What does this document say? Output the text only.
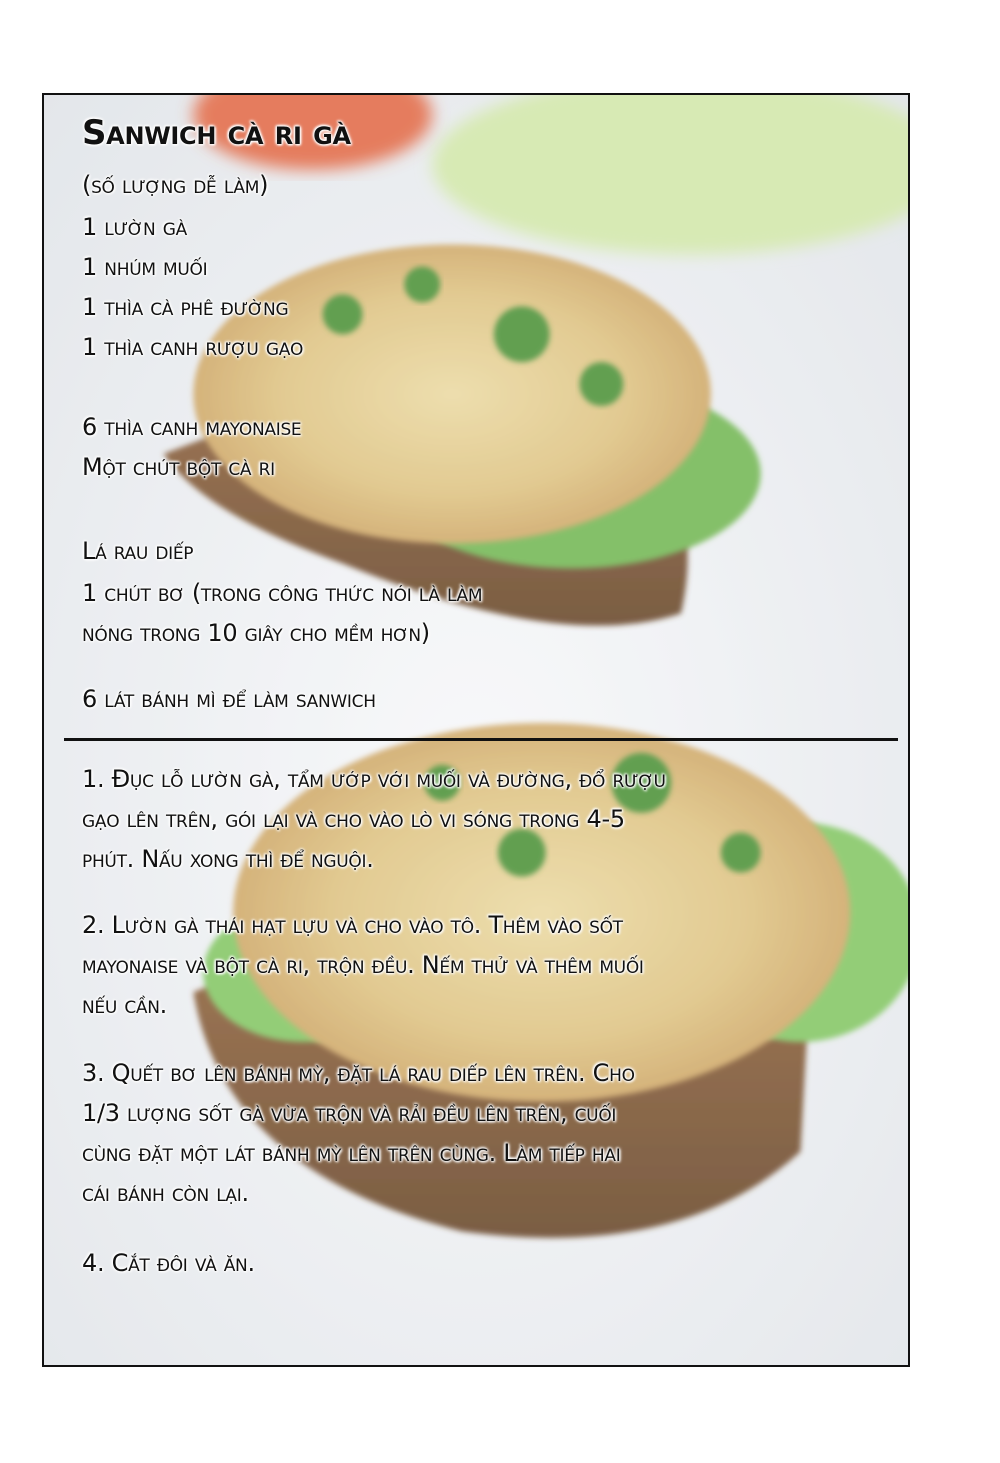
Sanwich cà ri gà
(số lượng dễ làm)
1 lườn gà
1 nhúm muối
1 thìa cà phê đường
1 thìa canh rượu gạo
6 thìa canh mayonaise
Một chút bột cà ri
Lá rau diếp
1 chút bơ (trong công thức nói là làm
nóng trong 10 giây cho mềm hơn)
6 lát bánh mì để làm sanwich
1. Đục lỗ lườn gà, tẩm ướp với muối và đường, đổ rượu
gạo lên trên, gói lại và cho vào lò vi sóng trong 4-5
phút. Nấu xong thì để nguội.
2. Lườn gà thái hạt lựu và cho vào tô. Thêm vào sốt
mayonaise và bột cà ri, trộn đều. Nếm thử và thêm muối
nếu cần.
3. Quết bơ lên bánh mỳ, đặt lá rau diếp lên trên. Cho
1/3 lượng sốt gà vừa trộn và rải đều lên trên, cuối
cùng đặt một lát bánh mỳ lên trên cùng. Làm tiếp hai
cái bánh còn lại.
4. Cắt đôi và ăn.
